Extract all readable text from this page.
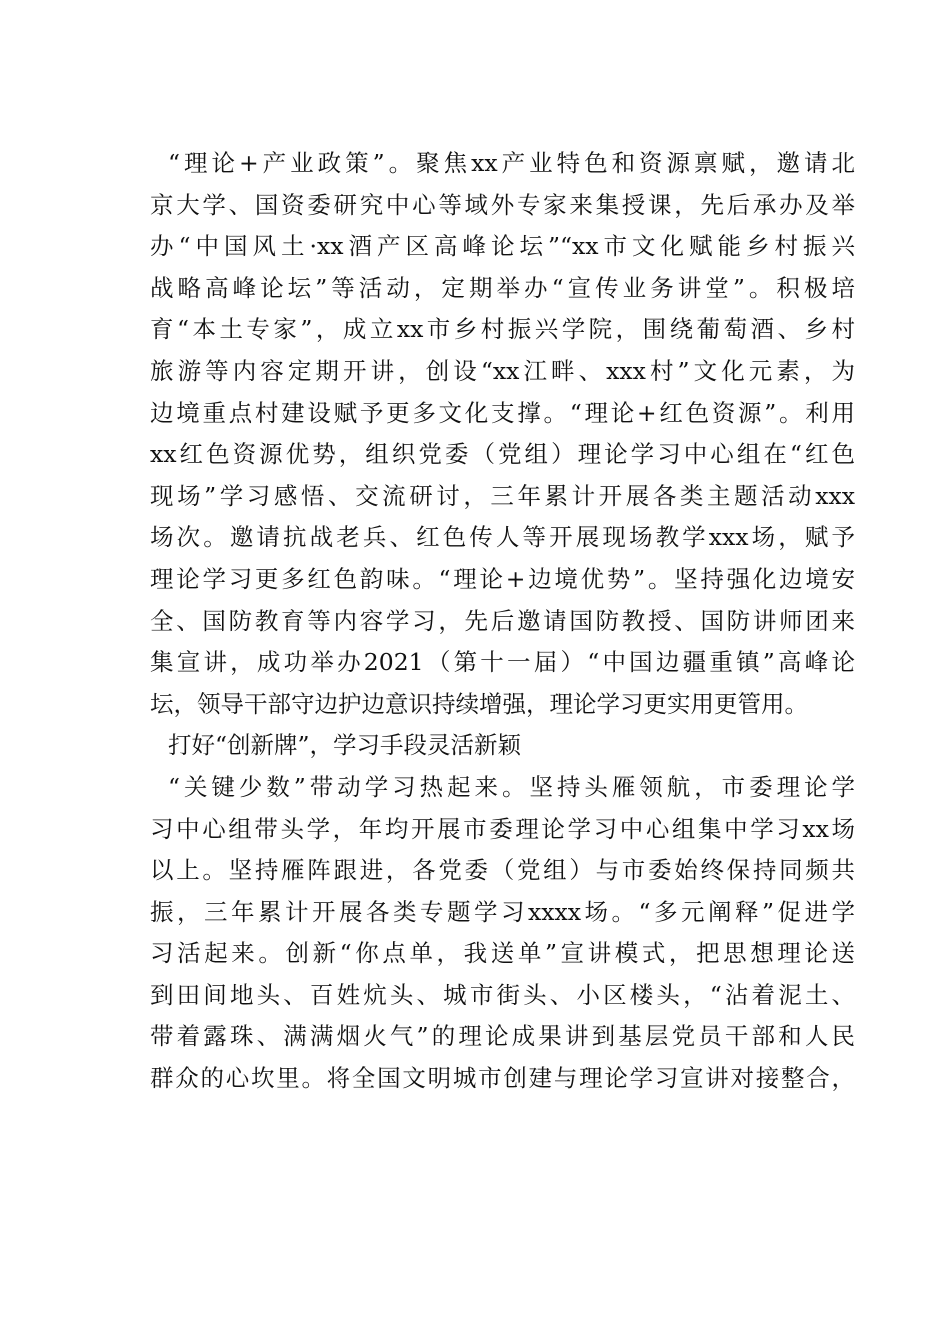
“理论+产业政策”。聚焦xx产业特色和资源禀赋，邀请北
京大学、国资委研究中心等域外专家来集授课，先后承办及举
办“中国风土·xx酒产区高峰论坛”“xx市文化赋能乡村振兴
战略高峰论坛”等活动，定期举办“宣传业务讲堂”。积极培
育“本土专家”，成立xx市乡村振兴学院，围绕葡萄酒、乡村
旅游等内容定期开讲，创设“xx江畔、xxx村”文化元素，为
边境重点村建设赋予更多文化支撑。“理论+红色资源”。利用
xx红色资源优势，组织党委（党组）理论学习中心组在“红色
现场”学习感悟、交流研讨，三年累计开展各类主题活动xxx
场次。邀请抗战老兵、红色传人等开展现场教学xxx场，赋予
理论学习更多红色韵味。“理论+边境优势”。坚持强化边境安
全、国防教育等内容学习，先后邀请国防教授、国防讲师团来
集宣讲，成功举办2021（第十一届）“中国边疆重镇”高峰论
坛，领导干部守边护边意识持续增强，理论学习更实用更管用。
打好“创新牌”，学习手段灵活新颖
“关键少数”带动学习热起来。坚持头雁领航，市委理论学
习中心组带头学，年均开展市委理论学习中心组集中学习xx场
以上。坚持雁阵跟进，各党委（党组）与市委始终保持同频共
振，三年累计开展各类专题学习xxxx场。“多元阐释”促进学
习活起来。创新“你点单，我送单”宣讲模式，把思想理论送
到田间地头、百姓炕头、城市街头、小区楼头，“沾着泥土、
带着露珠、满满烟火气”的理论成果讲到基层党员干部和人民
群众的心坎里。将全国文明城市创建与理论学习宣讲对接整合，
